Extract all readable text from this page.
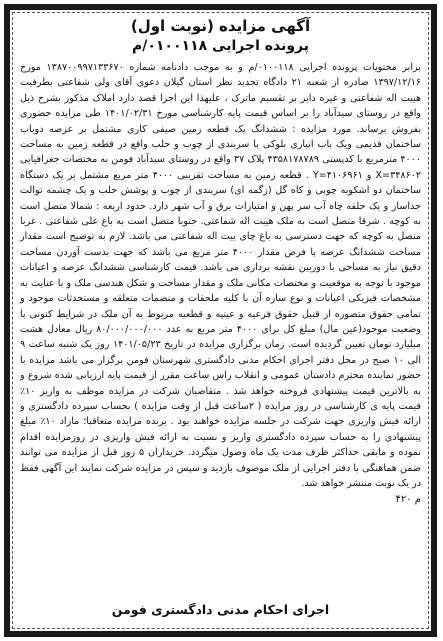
آگهی مزایده (نوبت اول)
پرونده اجرایی ۰۱۰۰۱۱۸/م

برابر محتویات پرونده اجرایی ۰۱۰۰۱۱۸/م و به موجب دادنامه شماره ۱۳۸۷۰۰۹۹۷۱۳۳۶۷۰ مورخ ۱۳۹۷/۱۲/۱۶ صادره از شعبه ۲۱ دادگاه تجدید نظر استان گیلان دعوی آقای ولی شفاعتی بطرفیت هیبت اله شفاعتی و غیره دایر بر تقسیم ماترک ، علیهذا این اجرا قصد دارد املاک مذکور بشرح ذیل واقع در روستای سیدآباد را بر اساس قیمت پایه کارشناسی مورخ ۱۴۰۱/۰۲/۳۱ طی مزایده حضوری بفروش برساند. مورد مزایده : ششدانگ یک قطعه زمین صیفی کاری مشتمل بر عرصه دوباب ساختمان قدیمی ویک باب انباری بلوکی با سربندی از چوب و حلب واقع در قطعه زمین به مساحت ۴۰۰۰ مترمربع با کدپستی ۴۳۵۸۱۷۸۷۸۹ پلاک ۳۷ واقع در روستای سیدآباد فومن به مختصات جغرافیایی X=۳۴۸۶۰۲ و Y=۴۱۰۶۹۶۱ . قطعه زمین به مساحت تقریبی ۴۰۰۰ متر مربع مشتمل بر یک دستگاه ساختمان دو اشکوبه چوبی و کاه گل (زگمه ای) سربندی از چوب و پوشش حلب و یک چشمه توالت جداساز و یک حلقه چاه آب سر پهن و امتیازات برق و آب شهر دارد. حدود اربعه : شمالا متصل است به کوچه . شرقا متصل است به ملک هیبت اله شفاعتی. جنوبا متصل است به باغ علی شفاعتی . غربا متصل به کوچه که جهت دسترسی به باغ چای بیت اله شفاعتی می باشد. لازم به توضیح است مقدار مساحت ششدانگ عرصه با فرض مقدار ۴۰۰۰ متر مربع می باشد که جهت بدست آوردن مساحت دقیق نیاز به مساحی با دوربین نقشه برداری می باشد. قیمت کارشناسی ششدانگ عرصه و اعیانات موجود با توجه به موقعیت و مختصات مکانی ملک و مقدار مساحت و شکل هندسی ملک و با عنایت به مشخصات فیزیکی اعیانات و نوع سازه آن با کلیه ملحقات و منضمات متعلقه و مستحدثات موجود و تمامی حقوق متصوره از قبیل حقوق فرعیه و عینیه و قطعیه مربوط به آن ملک در شرایط کنونی با وضعیت موجود(عین مال) مبلغ کل برای ۴۰۰۰ متر مربع به عدد ۸۰/۰۰۰/۰۰۰/۰۰۰ ریال معادل هشت میلیارد تومان تعیین گردیده است. زمان برگزاری مزایده در تاریخ ۱۴۰۱/۰۵/۲۳ روز یک شنبه ساعت ۹ الی ۱۰ صبح در محل دفتر اجرای احکام مدنی دادگستری شهرستان فومن برگزار می باشد مزایده با حضور نماینده محترم دادستان عمومی و انقلاب راس ساعت مقرر از قیمت پایه ارزیابی شده شروع و به بالاترین قیمت پیشنهادی فروخته خواهد شد . متقاضیان شرکت در مزایده موظف به واریز ۱۰٪ قیمت پایه ی کارشناسی در روز مزایده ( ۲ساعت قبل از وقت مزایده ) بحساب سپرده دادگستری و ارائه فیش واریزی جهت شرکت در جلسه مزایده خواهند بود . برنده مزایده متعاقبا؛ مازاد ۱۰٪ مبلغ پیشنهادی را به حساب سپرده دادگستری واریز و نسبت به ارائه فیش واریزی در روزمزایده اقدام نموده و مابقی حداکثر ظرف مدت یک ماه وصول میگردد. خریداران ۵ روز قبل از مزایده می توانند ضمن هماهنگی با دفتر اجرایی از ملک موصوف بازدید و سپس در مزایده شرکت نمایند این آگهی فقط در یک نوبت منتشر خواهد شد.

م ۴۲۰
اجرای احکام مدنی دادگستری فومن
